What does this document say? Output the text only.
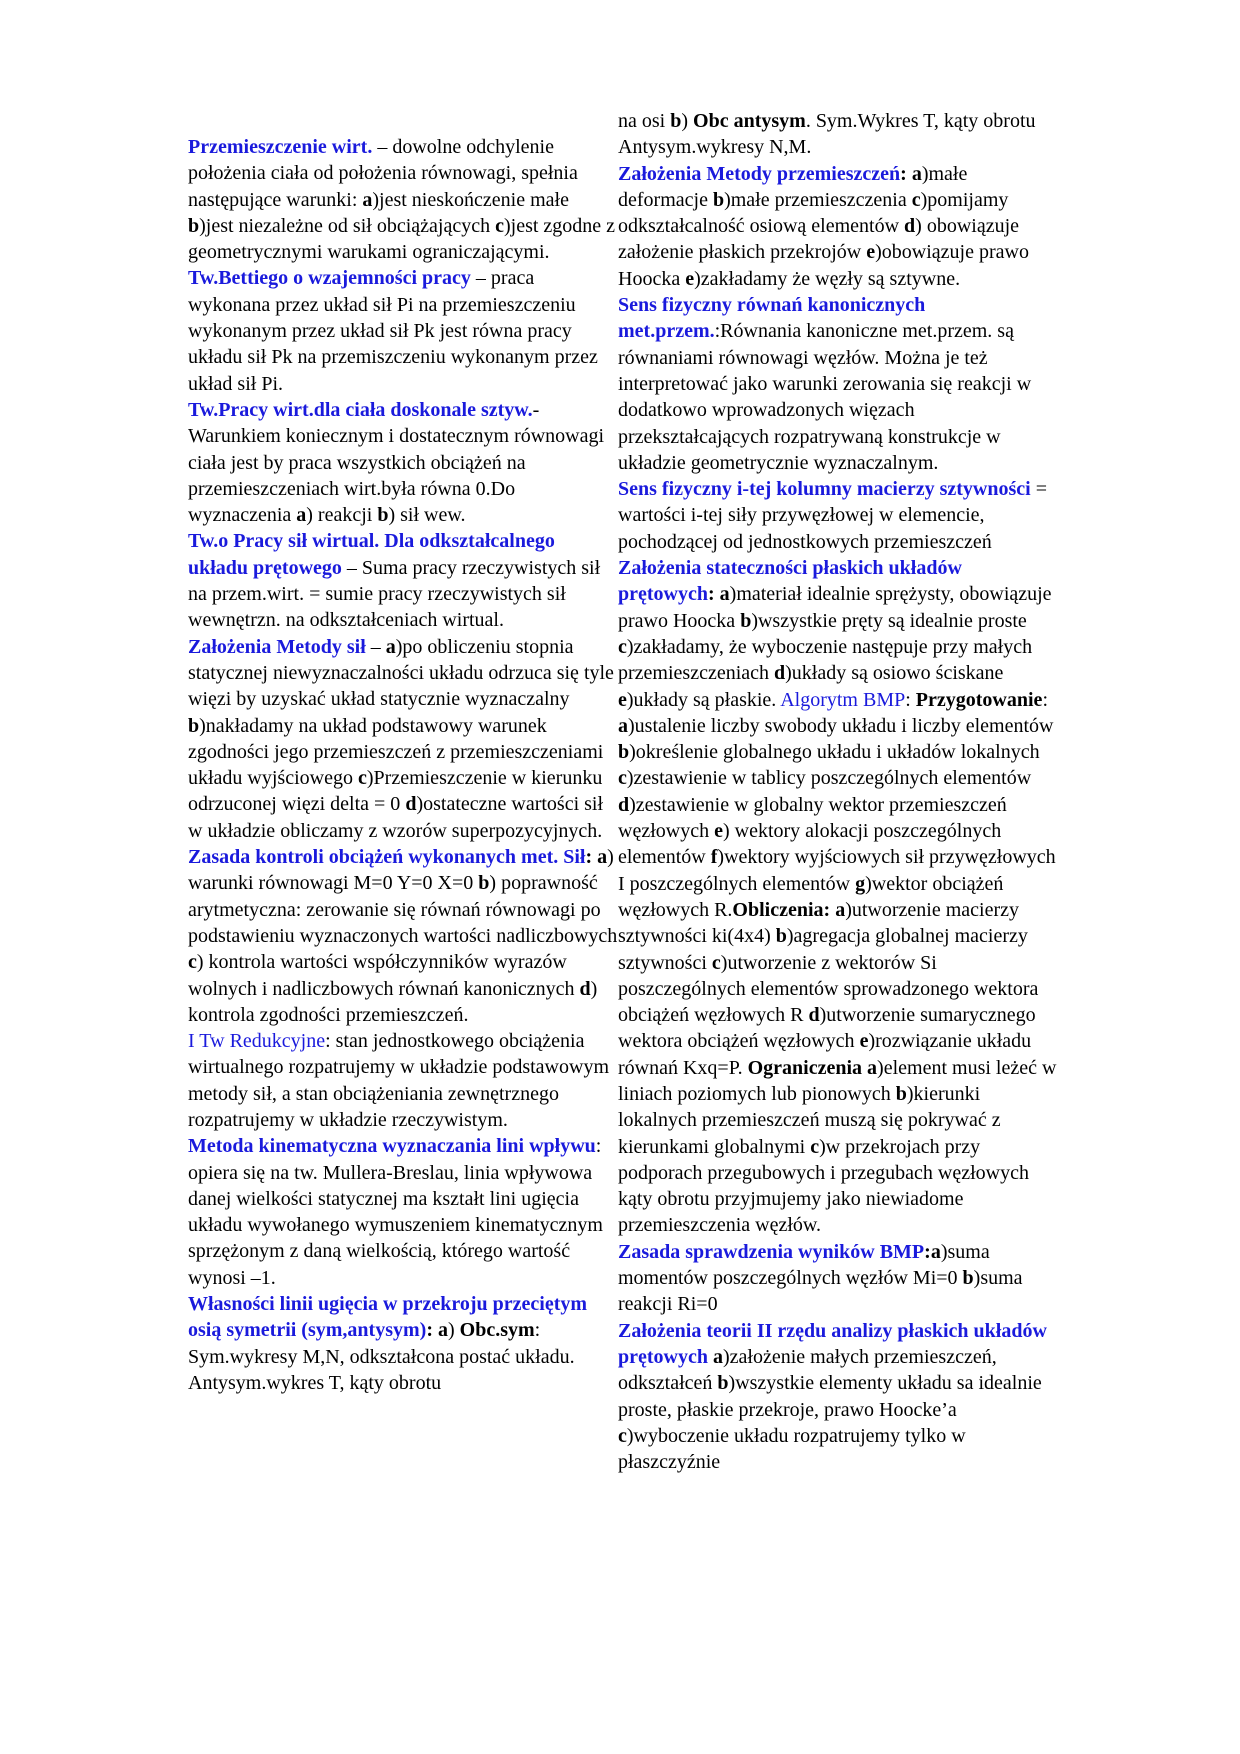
Przemieszczenie wirt. – dowolne odchylenie położenia ciała od położenia równowagi, spełnia następujące warunki: a)jest nieskończenie małe b)jest niezależne od sił obciążających c)jest zgodne z geometrycznymi warukami ograniczającymi.

Tw.Bettiego o wzajemności pracy – praca wykonana przez układ sił Pi na przemieszczeniu wykonanym przez układ sił Pk jest równa pracy układu sił Pk na przemiszczeniu wykonanym przez układ sił Pi.

Tw.Pracy wirt.dla ciała doskonale sztyw.- Warunkiem koniecznym i dostatecznym równowagi ciała jest by praca wszystkich obciążeń na przemieszczeniach wirt.była równa 0.Do wyznaczenia a) reakcji b) sił wew.

Tw.o Pracy sił wirtual. Dla odkształcalnego układu prętowego – Suma pracy rzeczywistych sił na przem.wirt. = sumie pracy rzeczywistych sił wewnętrzn. na odkształceniach wirtual.

Założenia Metody sił – a)po obliczeniu stopnia statycznej niewyznaczalności układu odrzuca się tyle więzi by uzyskać układ statycznie wyznaczalny b)nakładamy na układ podstawowy warunek zgodności jego przemieszczeń z przemieszczeniami układu wyjściowego c)Przemieszczenie w kierunku odrzuconej więzi delta = 0 d)ostateczne wartości sił w układzie obliczamy z wzorów superpozycyjnych.

Zasada kontroli obciążeń wykonanych met. Sił: a) warunki równowagi M=0 Y=0 X=0 b) poprawność arytmetyczna: zerowanie się równań równowagi po podstawieniu wyznaczonych wartości nadliczbowych c) kontrola wartości współczynników wyrazów wolnych i nadliczbowych równań kanonicznych d) kontrola zgodności przemieszczeń.

I Tw Redukcyjne: stan jednostkowego obciążenia wirtualnego rozpatrujemy w układzie podstawowym metody sił, a stan obciążeniania zewnętrznego rozpatrujemy w układzie rzeczywistym.

Metoda kinematyczna wyznaczania lini wpływu: opiera się na tw. Mullera-Breslau, linia wpływowa danej wielkości statycznej ma kształt lini ugięcia układu wywołanego wymuszeniem kinematycznym sprzężonym z daną wielkością, którego wartość wynosi –1.

Własności linii ugięcia w przekroju przeciętym osią symetrii (sym,antysym): a) Obc.sym: Sym.wykresy M,N, odkształcona postać układu. Antysym.wykres T, kąty obrotu

na osi b) Obc antysym. Sym.Wykres T, kąty obrotu Antysym.wykresy N,M.

Założenia Metody przemieszczeń: a)małe deformacje b)małe przemieszczenia c)pomijamy odkształcalność osiową elementów d) obowiązuje założenie płaskich przekrojów e)obowiązuje prawo Hoocka e)zakładamy że węzły są sztywne.

Sens fizyczny równań kanonicznych met.przem.:Równania kanoniczne met.przem. są równaniami równowagi węzłów. Można je też interpretować jako warunki zerowania się reakcji w dodatkowo wprowadzonych więzach przekształcających rozpatrywaną konstrukcje w układzie geometrycznie wyznaczalnym.

Sens fizyczny i-tej kolumny macierzy sztywności = wartości i-tej siły przywęzłowej w elemencie, pochodzącej od jednostkowych przemieszczeń

Założenia stateczności płaskich układów prętowych: a)materiał idealnie sprężysty, obowiązuje prawo Hoocka b)wszystkie pręty są idealnie proste c)zakładamy, że wyboczenie następuje przy małych przemieszczeniach d)układy są osiowo ściskane e)układy są płaskie. Algorytm BMP: Przygotowanie: a)ustalenie liczby swobody układu i liczby elementów b)określenie globalnego układu i układów lokalnych c)zestawienie w tablicy poszczególnych elementów d)zestawienie w globalny wektor przemieszczeń węzłowych e) wektory alokacji poszczególnych elementów f)wektory wyjściowych sił przywęzłowych I poszczególnych elementów g)wektor obciążeń węzłowych R.Obliczenia: a)utworzenie macierzy sztywności ki(4x4) b)agregacja globalnej macierzy sztywności c)utworzenie z wektorów Si poszczególnych elementów sprowadzonego wektora obciążeń węzłowych R d)utworzenie sumarycznego wektora obciążeń węzłowych e)rozwiązanie układu równań Kxq=P. Ograniczenia a)element musi leżeć w liniach poziomych lub pionowych b)kierunki lokalnych przemieszczeń muszą się pokrywać z kierunkami globalnymi c)w przekrojach przy podporach przegubowych i przegubach węzłowych kąty obrotu przyjmujemy jako niewiadome przemieszczenia węzłów.

Zasada sprawdzenia wyników BMP:a)suma momentów poszczególnych węzłów Mi=0 b)suma reakcji Ri=0

Założenia teorii II rzędu analizy płaskich układów prętowych a)założenie małych przemieszczeń, odkształceń b)wszystkie elementy układu sa idealnie proste, płaskie przekroje, prawo Hoocke’a c)wyboczenie układu rozpatrujemy tylko w płaszczyźnie
